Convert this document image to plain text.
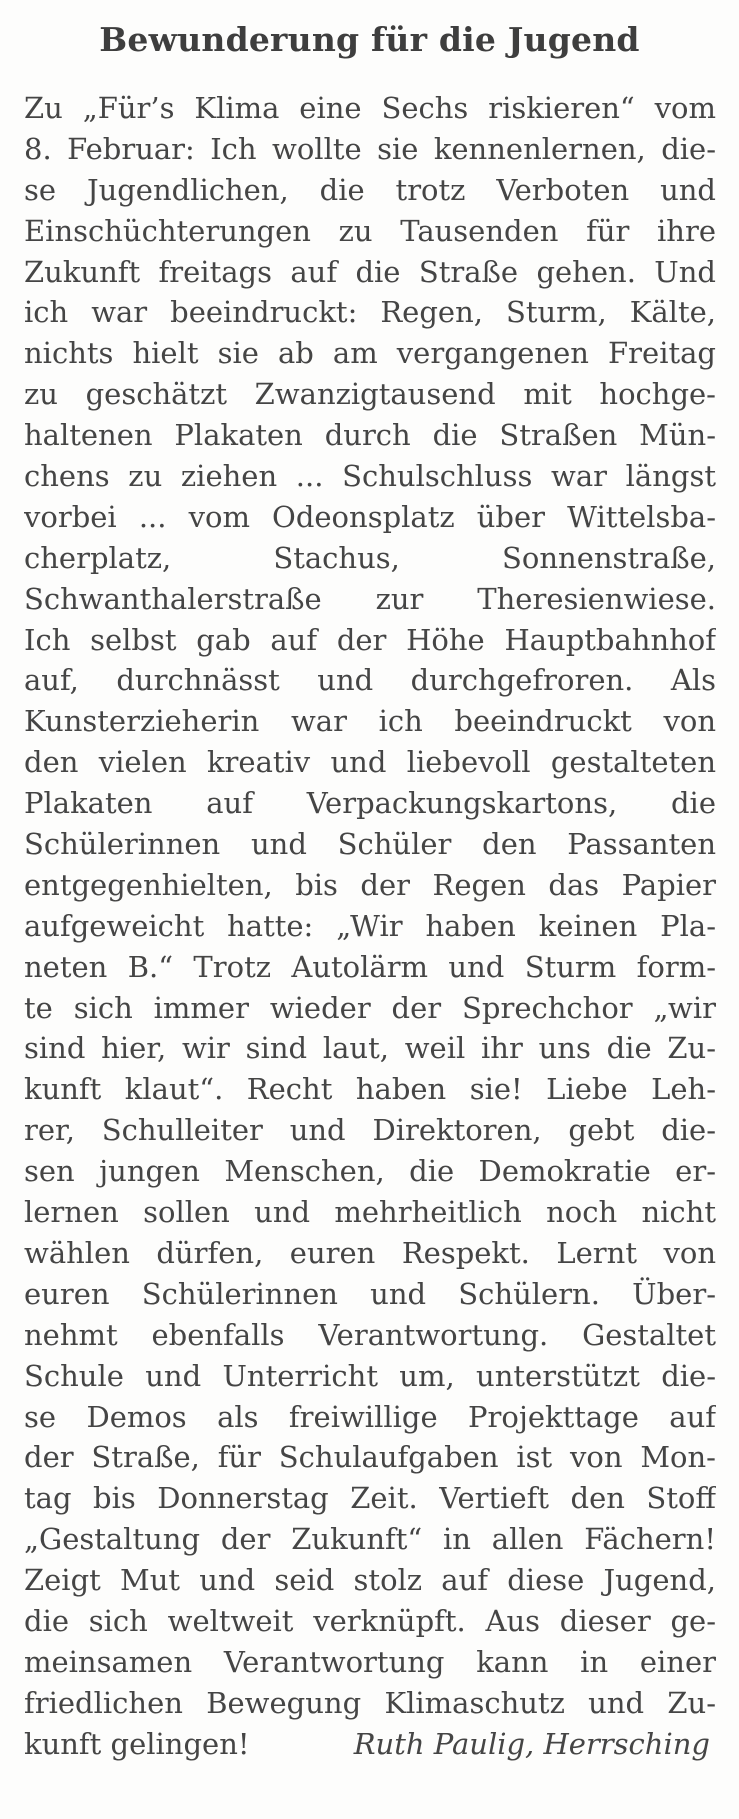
Bewunderung für die Jugend
Zu „Für’s Klima eine Sechs riskieren“ vom
8. Februar: Ich wollte sie kennenlernen, die-
se Jugendlichen, die trotz Verboten und
Einschüchterungen zu Tausenden für ihre
Zukunft freitags auf die Straße gehen. Und
ich war beeindruckt: Regen, Sturm, Kälte,
nichts hielt sie ab am vergangenen Freitag
zu geschätzt Zwanzigtausend mit hochge-
haltenen Plakaten durch die Straßen Mün-
chens zu ziehen ... Schulschluss war längst
vorbei ... vom Odeonsplatz über Wittelsba-
cherplatz, Stachus, Sonnenstraße,
Schwanthalerstraße zur Theresienwiese.
Ich selbst gab auf der Höhe Hauptbahnhof
auf, durchnässt und durchgefroren. Als
Kunsterzieherin war ich beeindruckt von
den vielen kreativ und liebevoll gestalteten
Plakaten auf Verpackungskartons, die
Schülerinnen und Schüler den Passanten
entgegenhielten, bis der Regen das Papier
aufgeweicht hatte: „Wir haben keinen Pla-
neten B.“ Trotz Autolärm und Sturm form-
te sich immer wieder der Sprechchor „wir
sind hier, wir sind laut, weil ihr uns die Zu-
kunft klaut“. Recht haben sie! Liebe Leh-
rer, Schulleiter und Direktoren, gebt die-
sen jungen Menschen, die Demokratie er-
lernen sollen und mehrheitlich noch nicht
wählen dürfen, euren Respekt. Lernt von
euren Schülerinnen und Schülern. Über-
nehmt ebenfalls Verantwortung. Gestaltet
Schule und Unterricht um, unterstützt die-
se Demos als freiwillige Projekttage auf
der Straße, für Schulaufgaben ist von Mon-
tag bis Donnerstag Zeit. Vertieft den Stoff
„Gestaltung der Zukunft“ in allen Fächern!
Zeigt Mut und seid stolz auf diese Jugend,
die sich weltweit verknüpft. Aus dieser ge-
meinsamen Verantwortung kann in einer
friedlichen Bewegung Klimaschutz und Zu-
kunft gelingen!	Ruth Paulig, Herrsching
